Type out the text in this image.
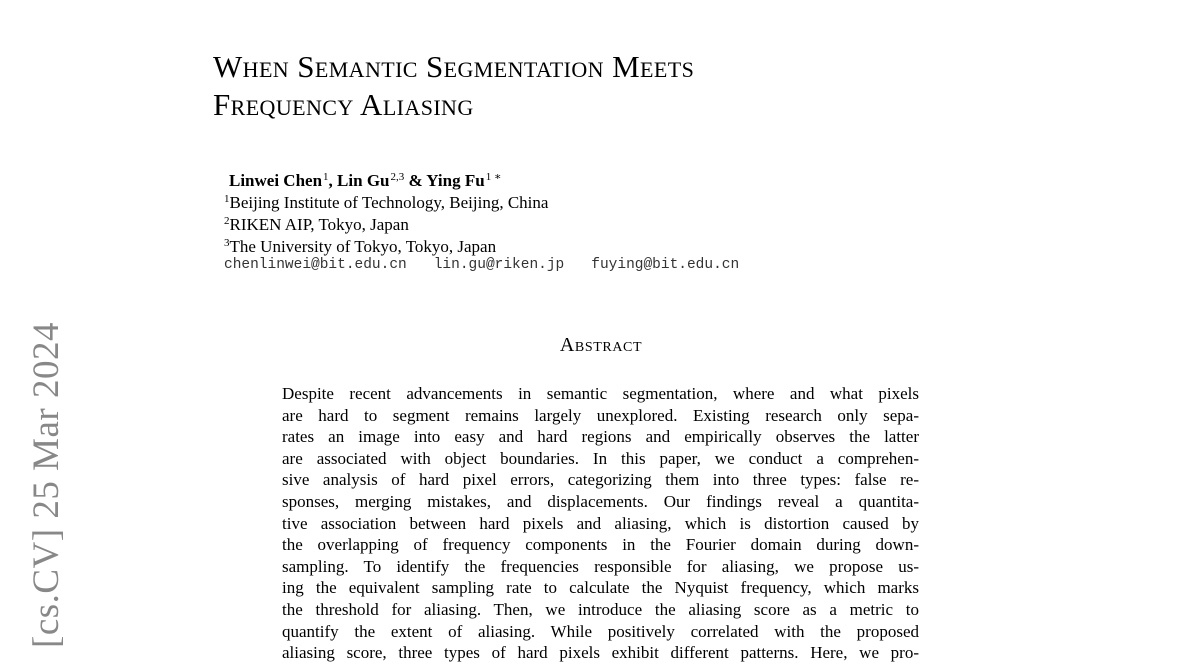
[cs.CV] 25 Mar 2024
When Semantic Segmentation Meets
Frequency Aliasing
Linwei Chen$^1$, Lin Gu$^{2,3}$ & Ying $Fu^{1 ∗}$
$^1$Beijing Institute of Technology, Beijing, China
$^2$RIKEN AIP, Tokyo, Japan
$^3$The University of Tokyo, Tokyo, Japan
chenlinwei@bit.edu.cn lin.gu@riken.jp fuying@bit.edu.cn
Abstract
Despite recent advancements in semantic segmentation, where and what pixels
are hard to segment remains largely unexplored. Existing research only sepa-
rates an image into easy and hard regions and empirically observes the latter
are associated with object boundaries. In this paper, we conduct a comprehen-
sive analysis of hard pixel errors, categorizing them into three types: false re-
sponses, merging mistakes, and displacements. Our findings reveal a quantita-
tive association between hard pixels and aliasing, which is distortion caused by
the overlapping of frequency components in the Fourier domain during down-
sampling. To identify the frequencies responsible for aliasing, we propose us-
ing the equivalent sampling rate to calculate the Nyquist frequency, which marks
the threshold for aliasing. Then, we introduce the aliasing score as a metric to
quantify the extent of aliasing. While positively correlated with the proposed
aliasing score, three types of hard pixels exhibit different patterns. Here, we pro-
